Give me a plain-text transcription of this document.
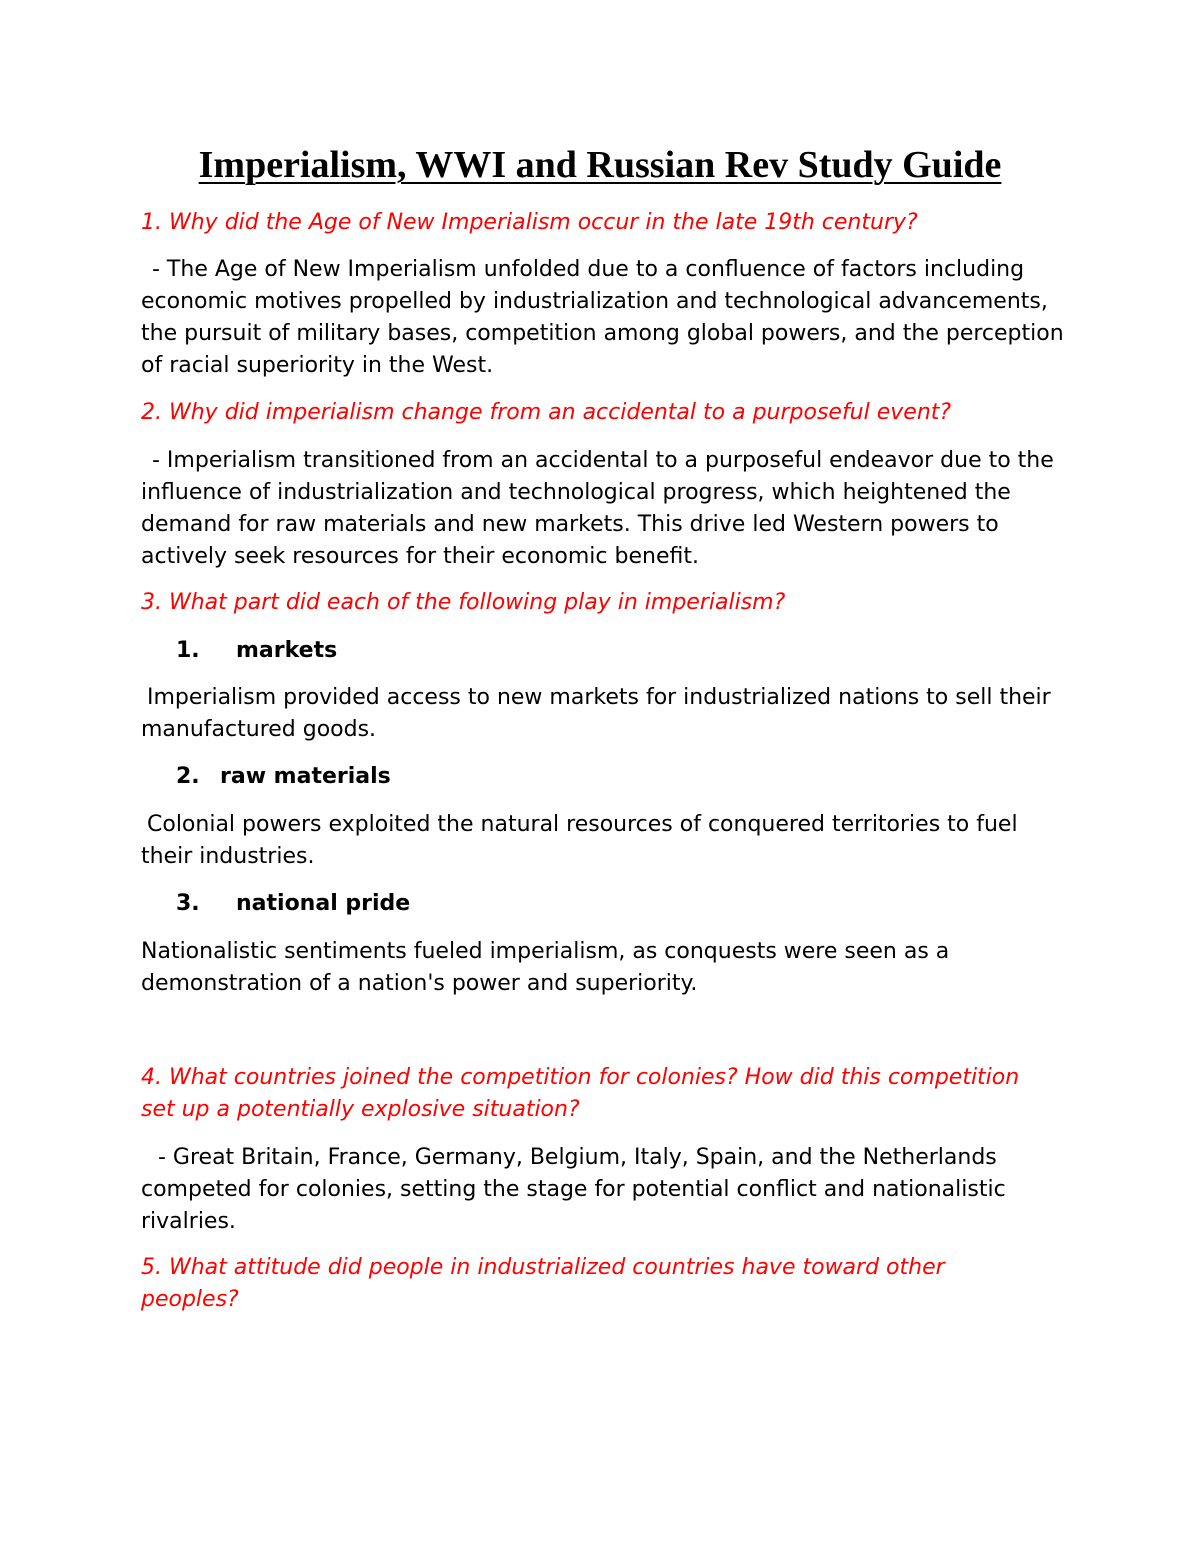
Imperialism, WWI and Russian Rev Study Guide
1. Why did the Age of New Imperialism occur in the late 19th century?
- The Age of New Imperialism unfolded due to a confluence of factors including economic motives propelled by industrialization and technological advancements, the pursuit of military bases, competition among global powers, and the perception of racial superiority in the West.
2. Why did imperialism change from an accidental to a purposeful event?
- Imperialism transitioned from an accidental to a purposeful endeavor due to the influence of industrialization and technological progress, which heightened the demand for raw materials and new markets. This drive led Western powers to actively seek resources for their economic benefit.
3. What part did each of the following play in imperialism?
1. markets
Imperialism provided access to new markets for industrialized nations to sell their manufactured goods.
2. raw materials
Colonial powers exploited the natural resources of conquered territories to fuel their industries.
3. national pride
Nationalistic sentiments fueled imperialism, as conquests were seen as a demonstration of a nation's power and superiority.
4. What countries joined the competition for colonies? How did this competition set up a potentially explosive situation?
- Great Britain, France, Germany, Belgium, Italy, Spain, and the Netherlands competed for colonies, setting the stage for potential conflict and nationalistic rivalries.
5. What attitude did people in industrialized countries have toward other peoples?
